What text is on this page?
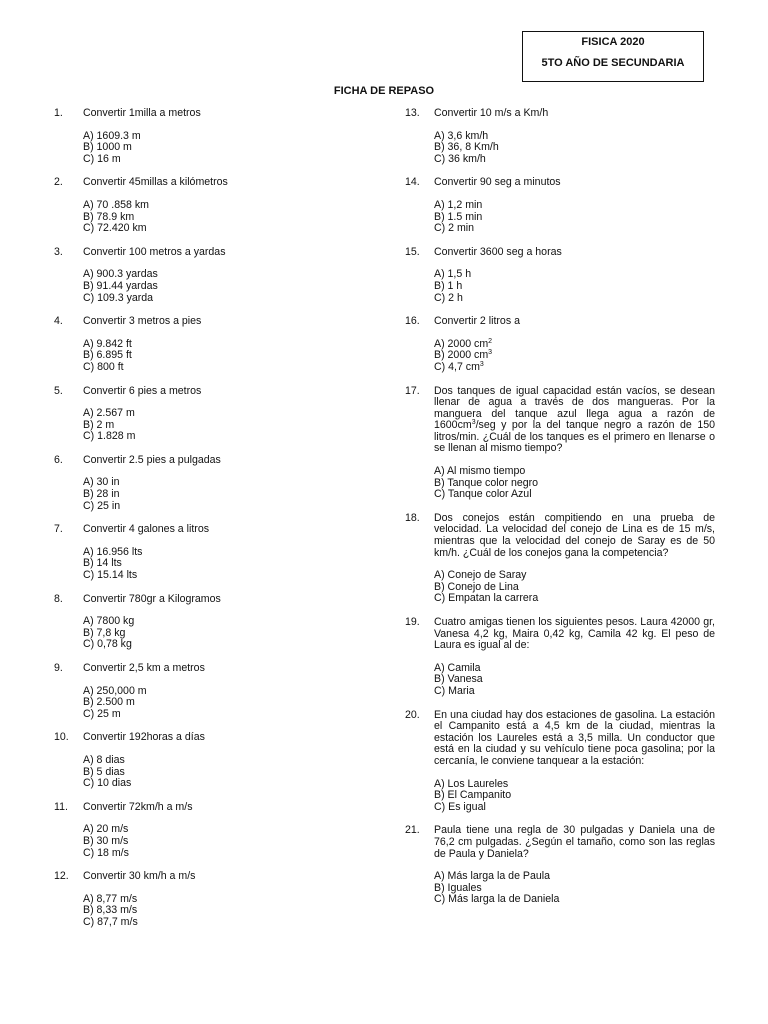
FISICA 2020
5TO AÑO DE SECUNDARIA
FICHA DE REPASO
1. Convertir 1milla a metros
A) 1609.3 m
B) 1000 m
C) 16 m
2. Convertir 45millas a kilómetros
A) 70 .858 km
B) 78.9 km
C) 72.420 km
3. Convertir 100 metros a yardas
A) 900.3 yardas
B) 91.44 yardas
C) 109.3 yarda
4. Convertir 3 metros a pies
A) 9.842 ft
B) 6.895 ft
C) 800 ft
5. Convertir 6 pies a metros
A) 2.567 m
B) 2 m
C) 1.828 m
6. Convertir 2.5 pies a pulgadas
A) 30 in
B) 28 in
C) 25 in
7. Convertir 4 galones a litros
A) 16.956 lts
B) 14 lts
C) 15.14 lts
8. Convertir 780gr a Kilogramos
A) 7800 kg
B) 7,8 kg
C) 0,78 kg
9. Convertir 2,5 km a metros
A) 250,000 m
B) 2.500 m
C) 25 m
10. Convertir 192horas a días
A) 8 dias
B) 5 dias
C) 10 dias
11. Convertir 72km/h a m/s
A) 20 m/s
B) 30 m/s
C) 18 m/s
12. Convertir 30 km/h a m/s
A) 8,77 m/s
B) 8,33 m/s
C) 87,7 m/s
13. Convertir 10 m/s a Km/h
A) 3,6 km/h
B) 36, 8 Km/h
C) 36 km/h
14. Convertir 90 seg a minutos
A) 1,2 min
B) 1.5 min
C) 2 min
15. Convertir 3600 seg a horas
A) 1,5 h
B) 1 h
C) 2 h
16. Convertir 2 litros a
A) 2000 $cm^2$
B) 2000 $cm^3$
C) 4,7 $cm^3$
17. Dos tanques de igual capacidad están vacíos, se desean llenar de agua a través de dos mangueras. Por la manguera del tanque azul llega agua a razón de $1600cm^3$/seg y por la del tanque negro a razón de 150 litros/min. ¿Cuál de los tanques es el primero en llenarse o se llenan al mismo tiempo?
A) Al mismo tiempo
B) Tanque color negro
C) Tanque color Azul
18. Dos conejos están compitiendo en una prueba de velocidad. La velocidad del conejo de Lina es de 15 m/s, mientras que la velocidad del conejo de Saray es de 50 km/h. ¿Cuál de los conejos gana la competencia?
A) Conejo de Saray
B) Conejo de Lina
C) Empatan la carrera
19. Cuatro amigas tienen los siguientes pesos. Laura 42000 gr, Vanesa 4,2 kg, Maira 0,42 kg, Camila 42 kg. El peso de Laura es igual al de:
A) Camila
B) Vanesa
C) Maria
20. En una ciudad hay dos estaciones de gasolina. La estación el Campanito está a 4,5 km de la ciudad, mientras la estación los Laureles está a 3,5 milla. Un conductor que está en la ciudad y su vehículo tiene poca gasolina; por la cercanía, le conviene tanquear a la estación:
A) Los Laureles
B) El Campanito
C) Es igual
21. Paula tiene una regla de 30 pulgadas y Daniela una de 76,2 cm pulgadas. ¿Según el tamaño, como son las reglas de Paula y Daniela?
A) Más larga la de Paula
B) Iguales
C) Más larga la de Daniela
